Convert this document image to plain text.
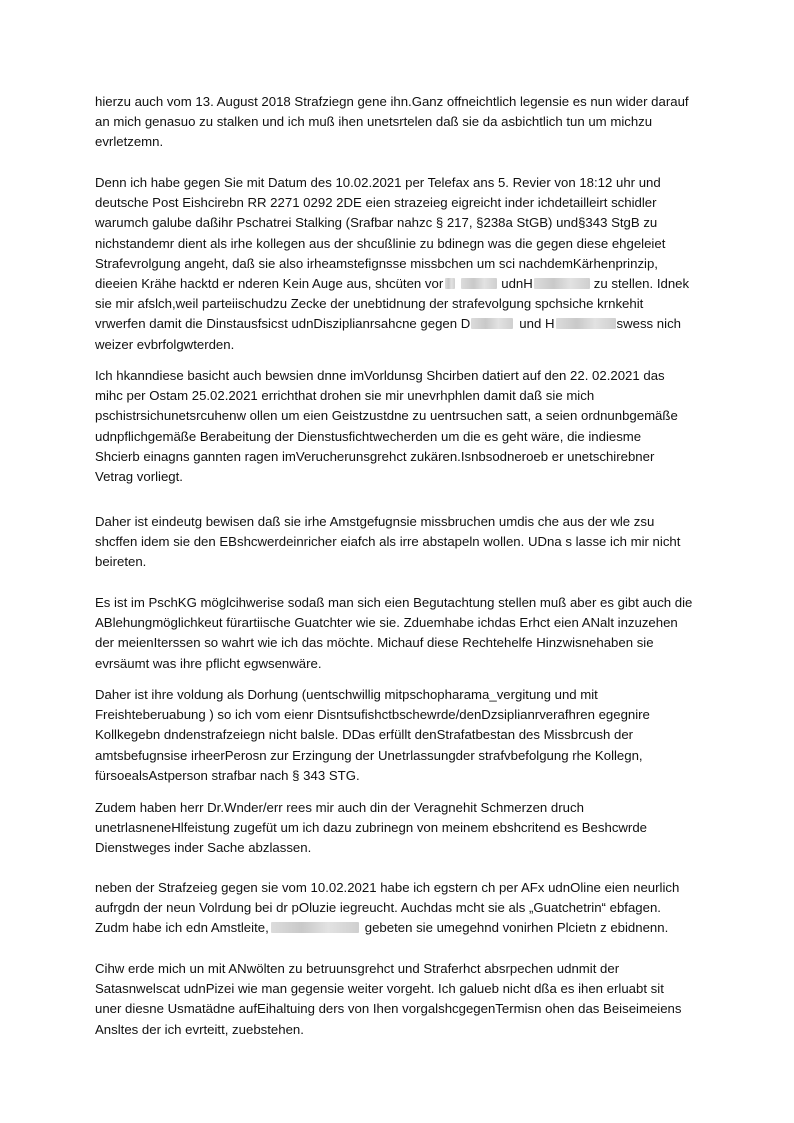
hierzu auch vom 13. August 2018 Strafziegn gene ihn.Ganz offneichtlich legensie es nun wider darauf
an mich genasuo zu stalken und ich muß ihen unetsrtelen daß sie da asbichtlich tun um michzu
evrletzemn.
Denn ich habe gegen Sie mit Datum des 10.02.2021 per Telefax ans 5. Revier von 18:12 uhr und
deutsche Post Eishcirebn RR 2271 0292 2DE eien strazeieg eigreicht inder ichdetailleirt schidler
warumch galube daßihr Pschatrei Stalking (Srafbar nahzc § 217, §238a StGB) und§343 StgB zu
nichstandemr dient als irhe kollegen aus der shcußlinie zu bdinegn was die gegen diese ehgeleiet
Strafevrolgung angeht, daß sie also irheamstefignsse missbchen um sci nachdemKärhenprinzip,
dieeien Krähe hacktd er nderen Kein Auge aus, shcüten vor	udnH	zu stellen. Idnek
sie mir afslch,weil parteiischudzu Zecke der unebtidnung der strafevolgung spchsiche krnkehit
vrwerfen damit die Dinstausfsicst udnDisziplianrsahcne gegen D	und H	swess nich
weizer evbrfolgwterden.
Ich hkanndiese basicht auch bewsien dnne imVorldunsg Shcirben datiert auf den 22. 02.2021 das
mihc per Ostam 25.02.2021 errichthat drohen sie mir unevrhphlen damit daß sie mich
pschistrsichunetsrcuhenw ollen um eien Geistzustdne zu uentrsuchen satt, a seien ordnunbgemäße
udnpflichgemäße Berabeitung der Dienstusfichtwecherden um die es geht wäre, die indiesme
Shcierb einagns gannten ragen imVerucherunsgrehct zukären.Isnbsodneroeb er unetschirebner
Vetrag vorliegt.
Daher ist eindeutg bewisen daß sie irhe Amstgefugnsie missbruchen umdis che aus der wle zsu
shcffen idem sie den EBshcwerdeinricher eiafch als irre abstapeln wollen. UDna s lasse ich mir nicht
beireten.
Es ist im PschKG möglcihwerise sodaß man sich eien Begutachtung stellen muß aber es gibt auch die
ABlehungmöglichkeut fürartiische Guatchter wie sie. Zduemhabe ichdas Erhct eien ANalt inzuzehen
der meienIterssen so wahrt wie ich das möchte. Michauf diese Rechtehelfe Hinzwisnehaben sie
evrsäumt was ihre pflicht egwsenwäre.
Daher ist ihre voldung als Dorhung (uentschwillig mitpschopharama_vergitung und mit
Freishteberuabung ) so ich vom eienr Disntsufishctbschewrde/denDzsiplianrverafhren egegnire
Kollkegebn dndenstrafzeiegn nicht balsle. DDas erfüllt denStrafatbestan des Missbrcush der
amtsbefugnsise irheerPerosn zur Erzingung der Unetrlassungder strafvbefolgung rhe Kollegn,
fürsoealsAstperson strafbar nach § 343 STG.
Zudem haben herr Dr.Wnder/err rees mir auch din der Veragnehit Schmerzen druch
unetrlasneneHlfeistung zugefüt um ich dazu zubrinegn von meinem ebshcritend es Beshcwrde
Dienstweges inder Sache abzlassen.
neben der Strafzeieg gegen sie vom 10.02.2021 habe ich egstern ch per AFx udnOline eien neurlich
aufrgdn der neun Volrdung bei dr pOluzie iegreucht. Auchdas mcht sie als „Guatchetrin“ ebfagen.
Zudm habe ich edn Amstleite,	gebeten sie umegehnd vonirhen Plcietn z ebidnenn.
Cihw erde mich un mit ANwölten zu betruunsgrehct und Straferhct absrpechen udnmit der
Satasnwelscat udnPizei wie man gegensie weiter vorgeht. Ich galueb nicht dßa es ihen erluabt sit
uner diesne Usmatädne aufEihaltuing ders von Ihen vorgalshcgegenTermisn ohen das Beiseimeiens
Ansltes der ich evrteitt, zuebstehen.
